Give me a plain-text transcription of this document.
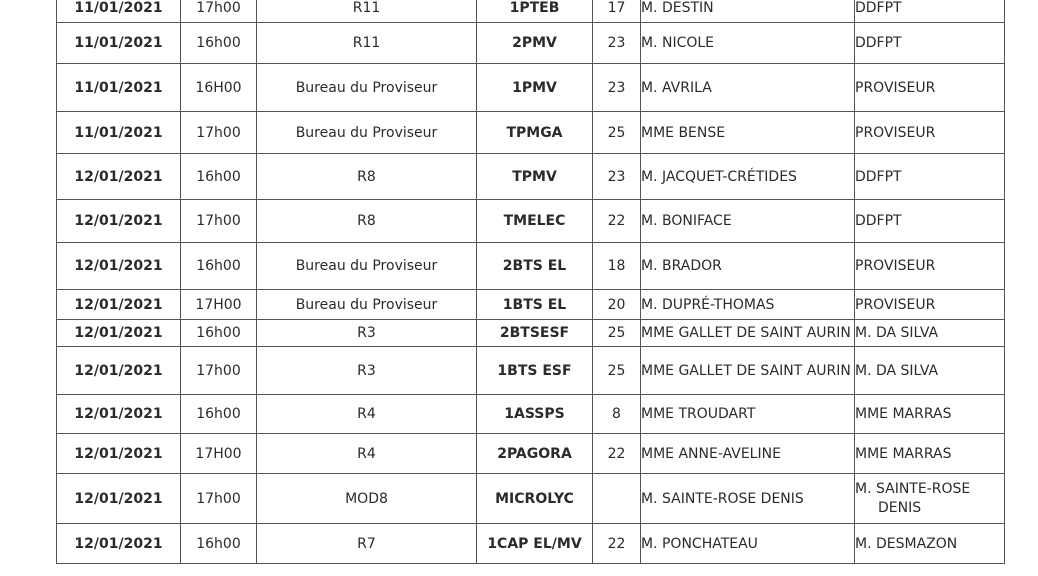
11/01/2021	17h00	R11	1PTEB	17	M. DESTIN	DDFPT
11/01/2021	16h00	R11	2PMV	23	M. NICOLE	DDFPT
11/01/2021	16H00	Bureau du Proviseur	1PMV	23	M. AVRILA	PROVISEUR
11/01/2021	17h00	Bureau du Proviseur	TPMGA	25	MME BENSE	PROVISEUR
12/01/2021	16h00	R8	TPMV	23	M. JACQUET-CRÉTIDES	DDFPT
12/01/2021	17h00	R8	TMELEC	22	M. BONIFACE	DDFPT
12/01/2021	16h00	Bureau du Proviseur	2BTS EL	18	M. BRADOR	PROVISEUR
12/01/2021	17H00	Bureau du Proviseur	1BTS EL	20	M. DUPRÉ-THOMAS	PROVISEUR
12/01/2021	16h00	R3	2BTSESF	25	MME GALLET DE SAINT AURIN	M. DA SILVA
12/01/2021	17h00	R3	1BTS ESF	25	MME GALLET DE SAINT AURIN	M. DA SILVA
12/01/2021	16h00	R4	1ASSPS	8	MME TROUDART	MME MARRAS
12/01/2021	17H00	R4	2PAGORA	22	MME ANNE-AVELINE	MME MARRAS
12/01/2021	17h00	MOD8	MICROLYC		M. SAINTE-ROSE DENIS	M. SAINTE-ROSE
DENIS

12/01/2021	16h00	R7	1CAP EL/MV	22	M. PONCHATEAU	M. DESMAZON
